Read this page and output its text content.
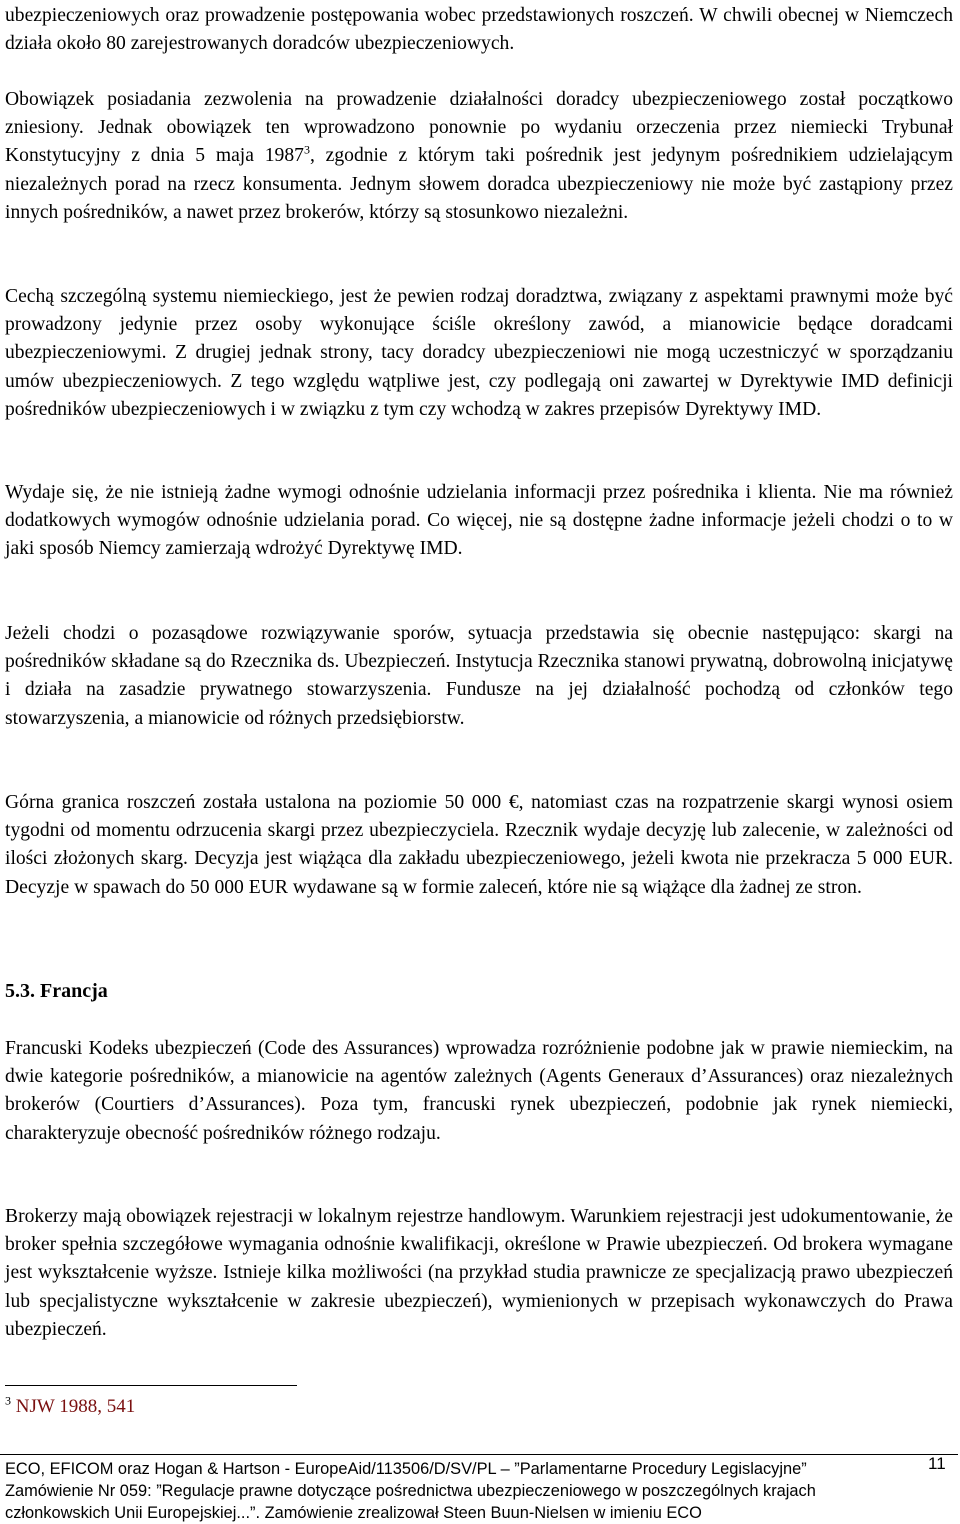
ubezpieczeniowych oraz prowadzenie postępowania wobec przedstawionych roszczeń. W chwili obecnej w Niemczech działa około 80 zarejestrowanych doradców ubezpieczeniowych.

Obowiązek posiadania zezwolenia na prowadzenie działalności doradcy ubezpieczeniowego został początkowo zniesiony. Jednak obowiązek ten wprowadzono ponownie po wydaniu orzeczenia przez niemiecki Trybunał Konstytucyjny z dnia 5 maja 1987$^3$, zgodnie z którym taki pośrednik jest jedynym pośrednikiem udzielającym niezależnych porad na rzecz konsumenta. Jednym słowem doradca ubezpieczeniowy nie może być zastąpiony przez innych pośredników, a nawet przez brokerów, którzy są stosunkowo niezależni.

Cechą szczególną systemu niemieckiego, jest że pewien rodzaj doradztwa, związany z aspektami prawnymi może być prowadzony jedynie przez osoby wykonujące ściśle określony zawód, a mianowicie będące doradcami ubezpieczeniowymi. Z drugiej jednak strony, tacy doradcy ubezpieczeniowi nie mogą uczestniczyć w sporządzaniu umów ubezpieczeniowych. Z tego względu wątpliwe jest, czy podlegają oni zawartej w Dyrektywie IMD definicji pośredników ubezpieczeniowych i w związku z tym czy wchodzą w zakres przepisów Dyrektywy IMD.

Wydaje się, że nie istnieją żadne wymogi odnośnie udzielania informacji przez pośrednika i klienta. Nie ma również dodatkowych wymogów odnośnie udzielania porad. Co więcej, nie są dostępne żadne informacje jeżeli chodzi o to w jaki sposób Niemcy zamierzają wdrożyć Dyrektywę IMD.

Jeżeli chodzi o pozasądowe rozwiązywanie sporów, sytuacja przedstawia się obecnie następująco: skargi na pośredników składane są do Rzecznika ds. Ubezpieczeń. Instytucja Rzecznika stanowi prywatną, dobrowolną inicjatywę i działa na zasadzie prywatnego stowarzyszenia. Fundusze na jej działalność pochodzą od członków tego stowarzyszenia, a mianowicie od różnych przedsiębiorstw.

Górna granica roszczeń została ustalona na poziomie 50 000 €, natomiast czas na rozpatrzenie skargi wynosi osiem tygodni od momentu odrzucenia skargi przez ubezpieczyciela. Rzecznik wydaje decyzję lub zalecenie, w zależności od ilości złożonych skarg. Decyzja jest wiążąca dla zakładu ubezpieczeniowego, jeżeli kwota nie przekracza 5 000 EUR. Decyzje w spawach do 50 000 EUR wydawane są w formie zaleceń, które nie są wiążące dla żadnej ze stron.

5.3. Francja

Francuski Kodeks ubezpieczeń (Code des Assurances) wprowadza rozróżnienie podobne jak w prawie niemieckim, na dwie kategorie pośredników, a mianowicie na agentów zależnych (Agents Generaux d’Assurances) oraz niezależnych brokerów (Courtiers d’Assurances). Poza tym, francuski rynek ubezpieczeń, podobnie jak rynek niemiecki, charakteryzuje obecność pośredników różnego rodzaju.

Brokerzy mają obowiązek rejestracji w lokalnym rejestrze handlowym. Warunkiem rejestracji jest udokumentowanie, że broker spełnia szczegółowe wymagania odnośnie kwalifikacji, określone w Prawie ubezpieczeń. Od brokera wymagane jest wykształcenie wyższe. Istnieje kilka możliwości (na przykład studia prawnicze ze specjalizacją prawo ubezpieczeń lub specjalistyczne wykształcenie w zakresie ubezpieczeń), wymienionych w przepisach wykonawczych do Prawa ubezpieczeń.

$^3$ NJW 1988, 541

ECO, EFICOM oraz Hogan & Hartson - EuropeAid/113506/D/SV/PL – ”Parlamentarne Procedury Legislacyjne”
Zamówienie Nr 059: ”Regulacje prawne dotyczące pośrednictwa ubezpieczeniowego w poszczególnych krajach członkowskich Unii Europejskiej...”. Zamówienie zrealizował Steen Buun-Nielsen w imieniu ECO

11
